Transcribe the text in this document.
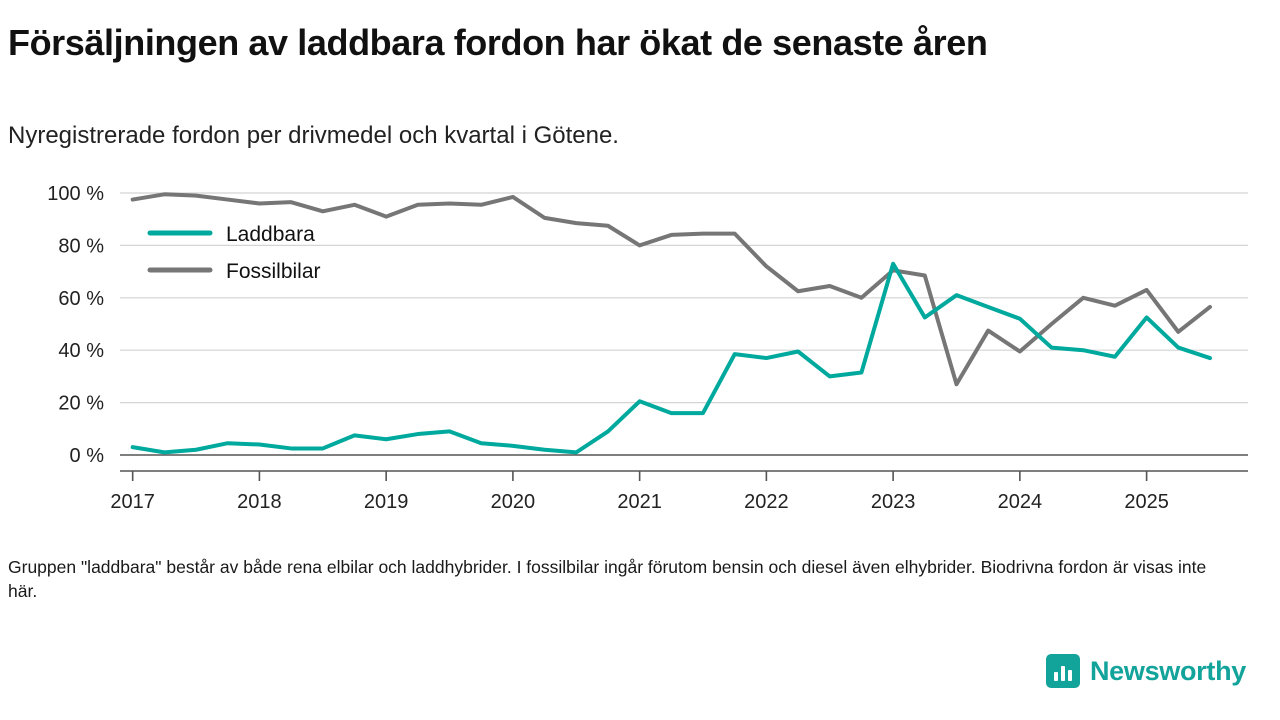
Försäljningen av laddbara fordon har ökat de senaste åren
Nyregistrerade fordon per drivmedel och kvartal i Götene.
0 %
20 %
40 %
60 %
80 %
100 %
2017	2018	2019	2020	2021	2022	2023	2024	2025
Laddbara
Fossilbilar
Gruppen "laddbara" består av både rena elbilar och laddhybrider. I fossilbilar ingår förutom bensin och diesel även elhybrider. Biodrivna fordon är visas inte här.
Newsworthy
